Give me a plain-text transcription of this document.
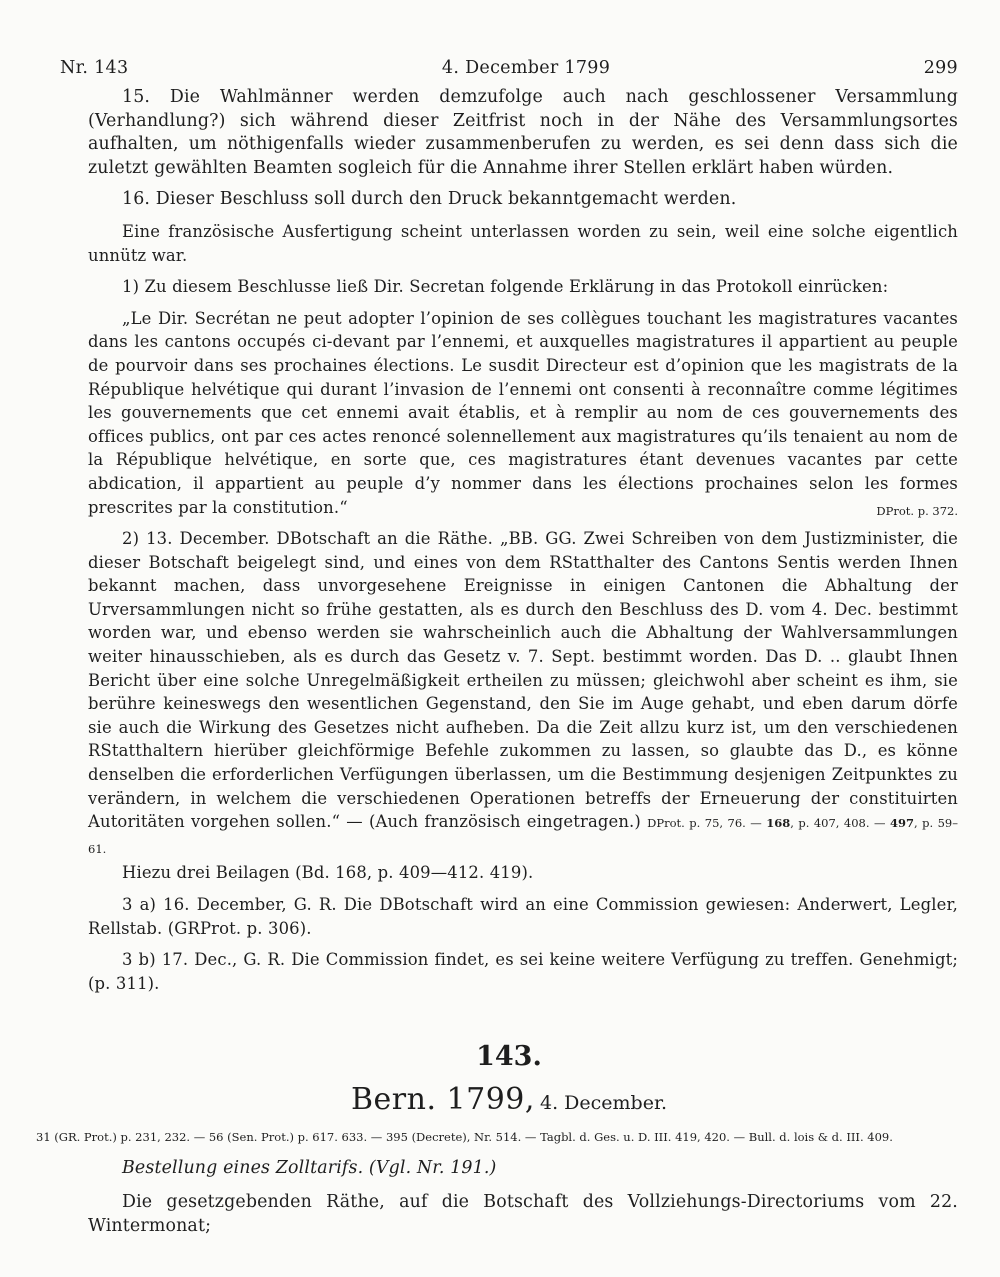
Nr. 143	4. December 1799	299

15. Die Wahlmänner werden demzufolge auch nach geschlossener Versammlung (Verhandlung?) sich während dieser Zeitfrist noch in der Nähe des Versammlungsortes aufhalten, um nöthigenfalls wieder zusammenberufen zu werden, es sei denn dass sich die zuletzt gewählten Beamten sogleich für die Annahme ihrer Stellen erklärt haben würden.

16. Dieser Beschluss soll durch den Druck bekanntgemacht werden.

Eine französische Ausfertigung scheint unterlassen worden zu sein, weil eine solche eigentlich unnütz war.

1) Zu diesem Beschlusse ließ Dir. Secretan folgende Erklärung in das Protokoll einrücken:

„Le Dir. Secrétan ne peut adopter l’opinion de ses collègues touchant les magistratures vacantes dans les cantons occupés ci-devant par l’ennemi, et auxquelles magistratures il appartient au peuple de pourvoir dans ses prochaines élections. Le susdit Directeur est d’opinion que les magistrats de la République helvétique qui durant l’invasion de l’ennemi ont consenti à reconnaître comme légitimes les gouvernements que cet ennemi avait établis, et à remplir au nom de ces gouvernements des offices publics, ont par ces actes renoncé solennellement aux magistratures qu’ils tenaient au nom de la République helvétique, en sorte que, ces magistratures étant devenues vacantes par cette abdication, il appartient au peuple d’y nommer dans les élections prochaines selon les formes prescrites par la constitution.“	DProt. p. 372.

2) 13. December. DBotschaft an die Räthe. „BB. GG. Zwei Schreiben von dem Justizminister, die dieser Botschaft beigelegt sind, und eines von dem RStatthalter des Cantons Sentis werden Ihnen bekannt machen, dass unvorgesehene Ereignisse in einigen Cantonen die Abhaltung der Urversammlungen nicht so frühe gestatten, als es durch den Beschluss des D. vom 4. Dec. bestimmt worden war, und ebenso werden sie wahrscheinlich auch die Abhaltung der Wahlversammlungen weiter hinausschieben, als es durch das Gesetz v. 7. Sept. bestimmt worden. Das D. .. glaubt Ihnen Bericht über eine solche Unregelmäßigkeit ertheilen zu müssen; gleichwohl aber scheint es ihm, sie berühre keineswegs den wesentlichen Gegenstand, den Sie im Auge gehabt, und eben darum dörfe sie auch die Wirkung des Gesetzes nicht aufheben. Da die Zeit allzu kurz ist, um den verschiedenen RStatthaltern hierüber gleichförmige Befehle zukommen zu lassen, so glaubte das D., es könne denselben die erforderlichen Verfügungen überlassen, um die Bestimmung desjenigen Zeitpunktes zu verändern, in welchem die verschiedenen Operationen betreffs der Erneuerung der constituirten Autoritäten vorgehen sollen.“ — (Auch französisch eingetragen.) DProt. p. 75, 76. — 168, p. 407, 408. — 497, p. 59–61.

Hiezu drei Beilagen (Bd. 168, p. 409—412. 419).

3 a) 16. December, G. R. Die DBotschaft wird an eine Commission gewiesen: Anderwert, Legler, Rellstab. (GRProt. p. 306).

3 b) 17. Dec., G. R. Die Commission findet, es sei keine weitere Verfügung zu treffen. Genehmigt; (p. 311).

143.
Bern. 1799, 4. December.
31 (GR. Prot.) p. 231, 232. — 56 (Sen. Prot.) p. 617. 633. — 395 (Decrete), Nr. 514. — Tagbl. d. Ges. u. D. III. 419, 420. — Bull. d. lois & d. III. 409.

Bestellung eines Zolltarifs. (Vgl. Nr. 191.)

Die gesetzgebenden Räthe, auf die Botschaft des Vollziehungs-Directoriums vom 22. Wintermonat;
